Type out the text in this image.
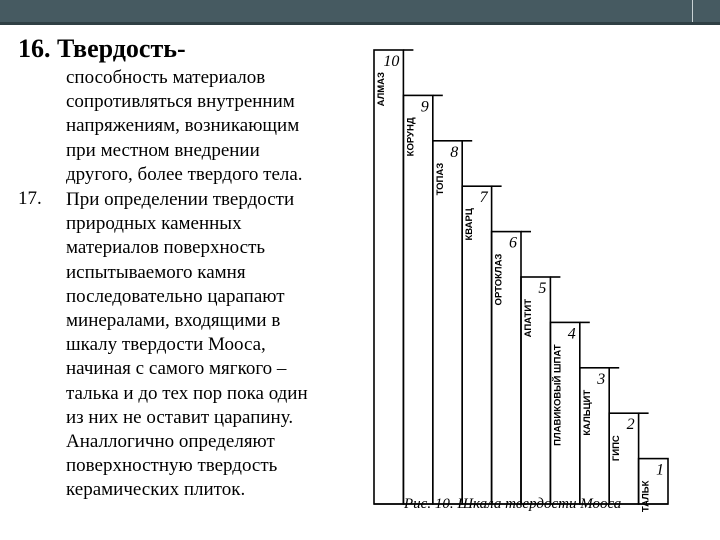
16. Твердость-
способность материалов
сопротивляться внутренним
напряжениям, возникающим
при местном внедрении
другого, более твердого тела.
17. При определении твердости
природных каменных
материалов поверхность
испытываемого камня
последовательно царапают
минералами, входящими в
шкалу твердости Мооса,
начиная с самого мягкого –
талька и до тех пор пока один
из них не оставит царапину.
Аналлогично определяют
поверхностную твердость
керамических плиток.
10
АЛМАЗ
9
КОРУНД 8
ТОПАЗ
7
КВАРЦ
6
ОРТОКЛАЗ 5
АПАТИТ 4
ПЛАВИКОВЫЙ ШПАТ 3
КАЛЬЦИТ 2
ГИПС
1
ТАЛЬК
Рис. 10. Шкала твердости Мооса
